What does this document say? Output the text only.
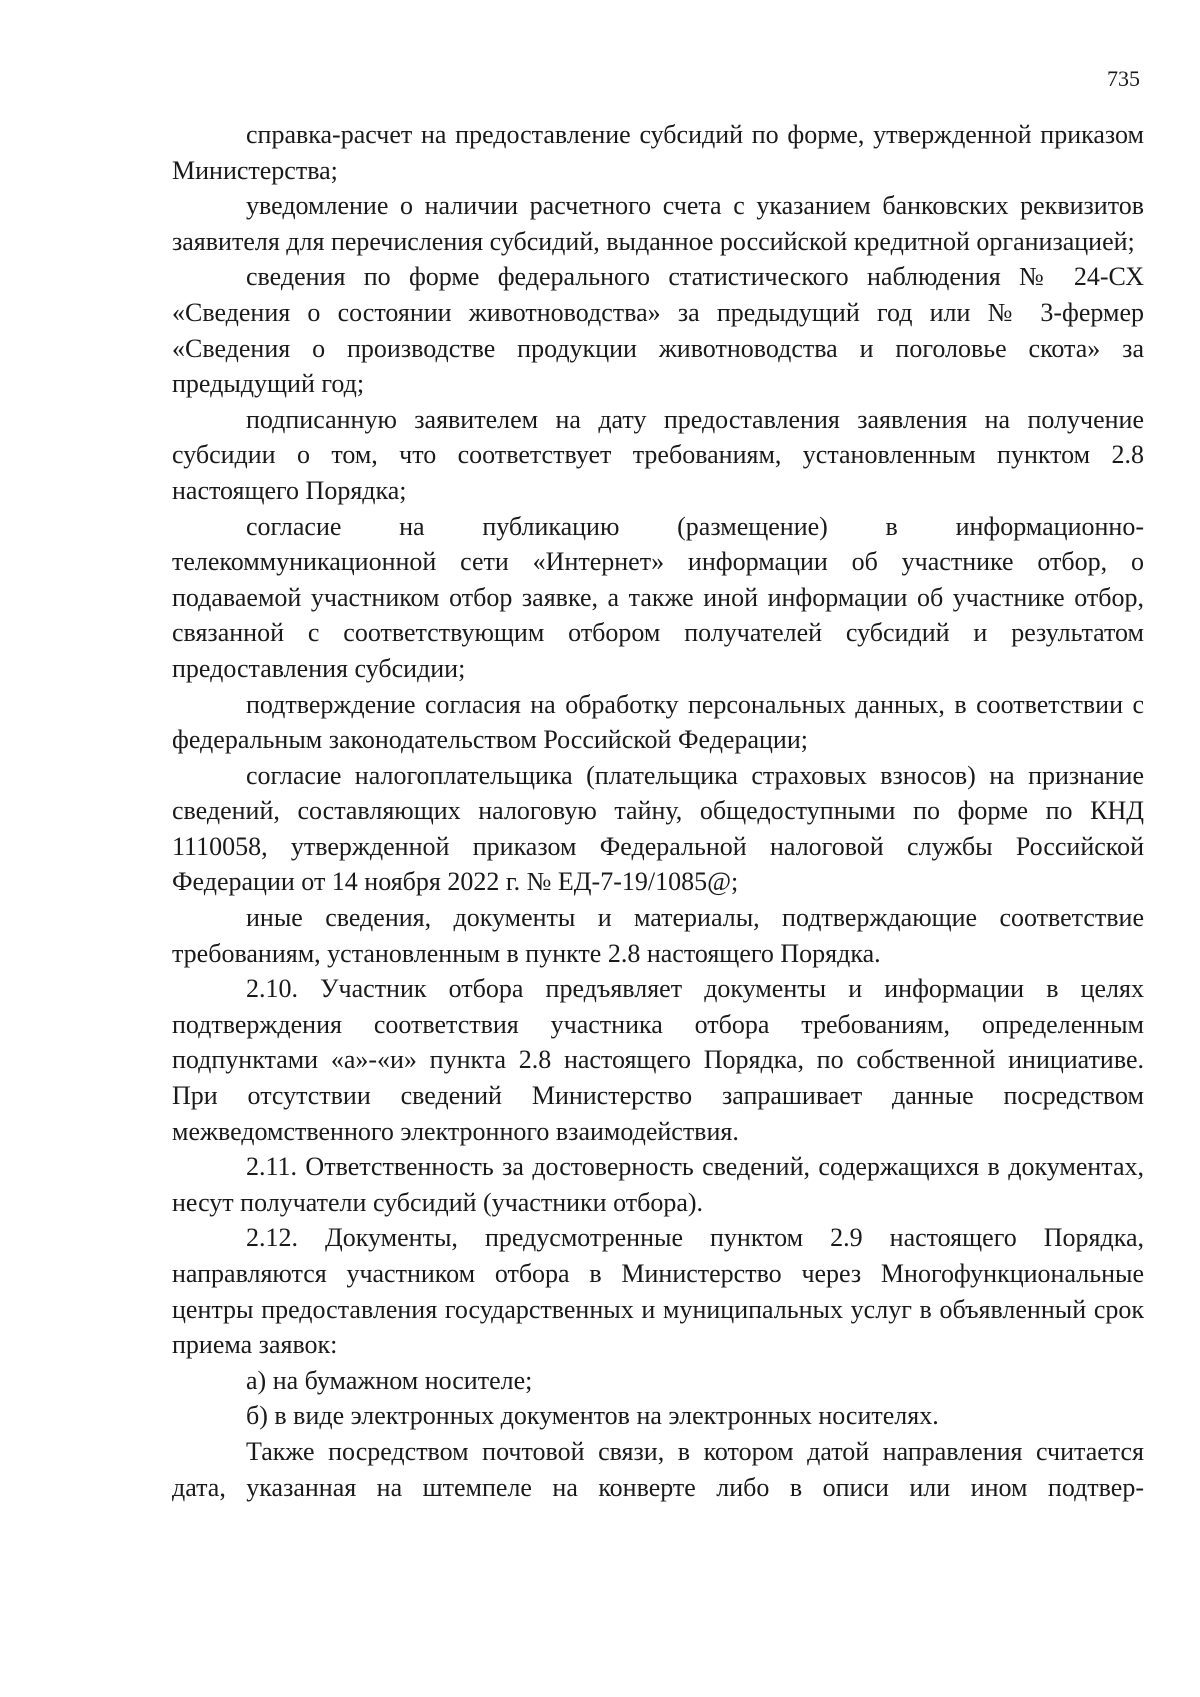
735

справка-расчет на предоставление субсидий по форме, утвержденной приказом Министерства;

уведомление о наличии расчетного счета с указанием банковских реквизитов заявителя для перечисления субсидий, выданное российской кредитной организацией;

сведения по форме федерального статистического наблюдения № 24-СХ «Сведения о состоянии животноводства» за предыдущий год или № 3-фермер «Сведения о производстве продукции животноводства и поголовье скота» за предыдущий год;

подписанную заявителем на дату предоставления заявления на получение субсидии о том, что соответствует требованиям, установленным пунктом 2.8 настоящего Порядка;

согласие на публикацию (размещение) в информационно-телекоммуникационной сети «Интернет» информации об участнике отбор, о подаваемой участником отбор заявке, а также иной информации об участнике отбор, связанной с соответствующим отбором получателей субсидий и результатом предоставления субсидии;

подтверждение согласия на обработку персональных данных, в соответствии с федеральным законодательством Российской Федерации;

согласие налогоплательщика (плательщика страховых взносов) на признание сведений, составляющих налоговую тайну, общедоступными по форме по КНД 1110058, утвержденной приказом Федеральной налоговой службы Российской Федерации от 14 ноября 2022 г. № ЕД-7-19/1085@;

иные сведения, документы и материалы, подтверждающие соответствие требованиям, установленным в пункте 2.8 настоящего Порядка.

2.10. Участник отбора предъявляет документы и информации в целях подтверждения соответствия участника отбора требованиям, определенным подпунктами «а»-«и» пункта 2.8 настоящего Порядка, по собственной инициативе. При отсутствии сведений Министерство запрашивает данные посредством межведомственного электронного взаимодействия.

2.11. Ответственность за достоверность сведений, содержащихся в документах, несут получатели субсидий (участники отбора).

2.12. Документы, предусмотренные пунктом 2.9 настоящего Порядка, направляются участником отбора в Министерство через Многофункциональные центры предоставления государственных и муниципальных услуг в объявленный срок приема заявок:

а) на бумажном носителе;

б) в виде электронных документов на электронных носителях.

Также посредством почтовой связи, в котором датой направления считается дата, указанная на штемпеле на конверте либо в описи или ином подтвер-
